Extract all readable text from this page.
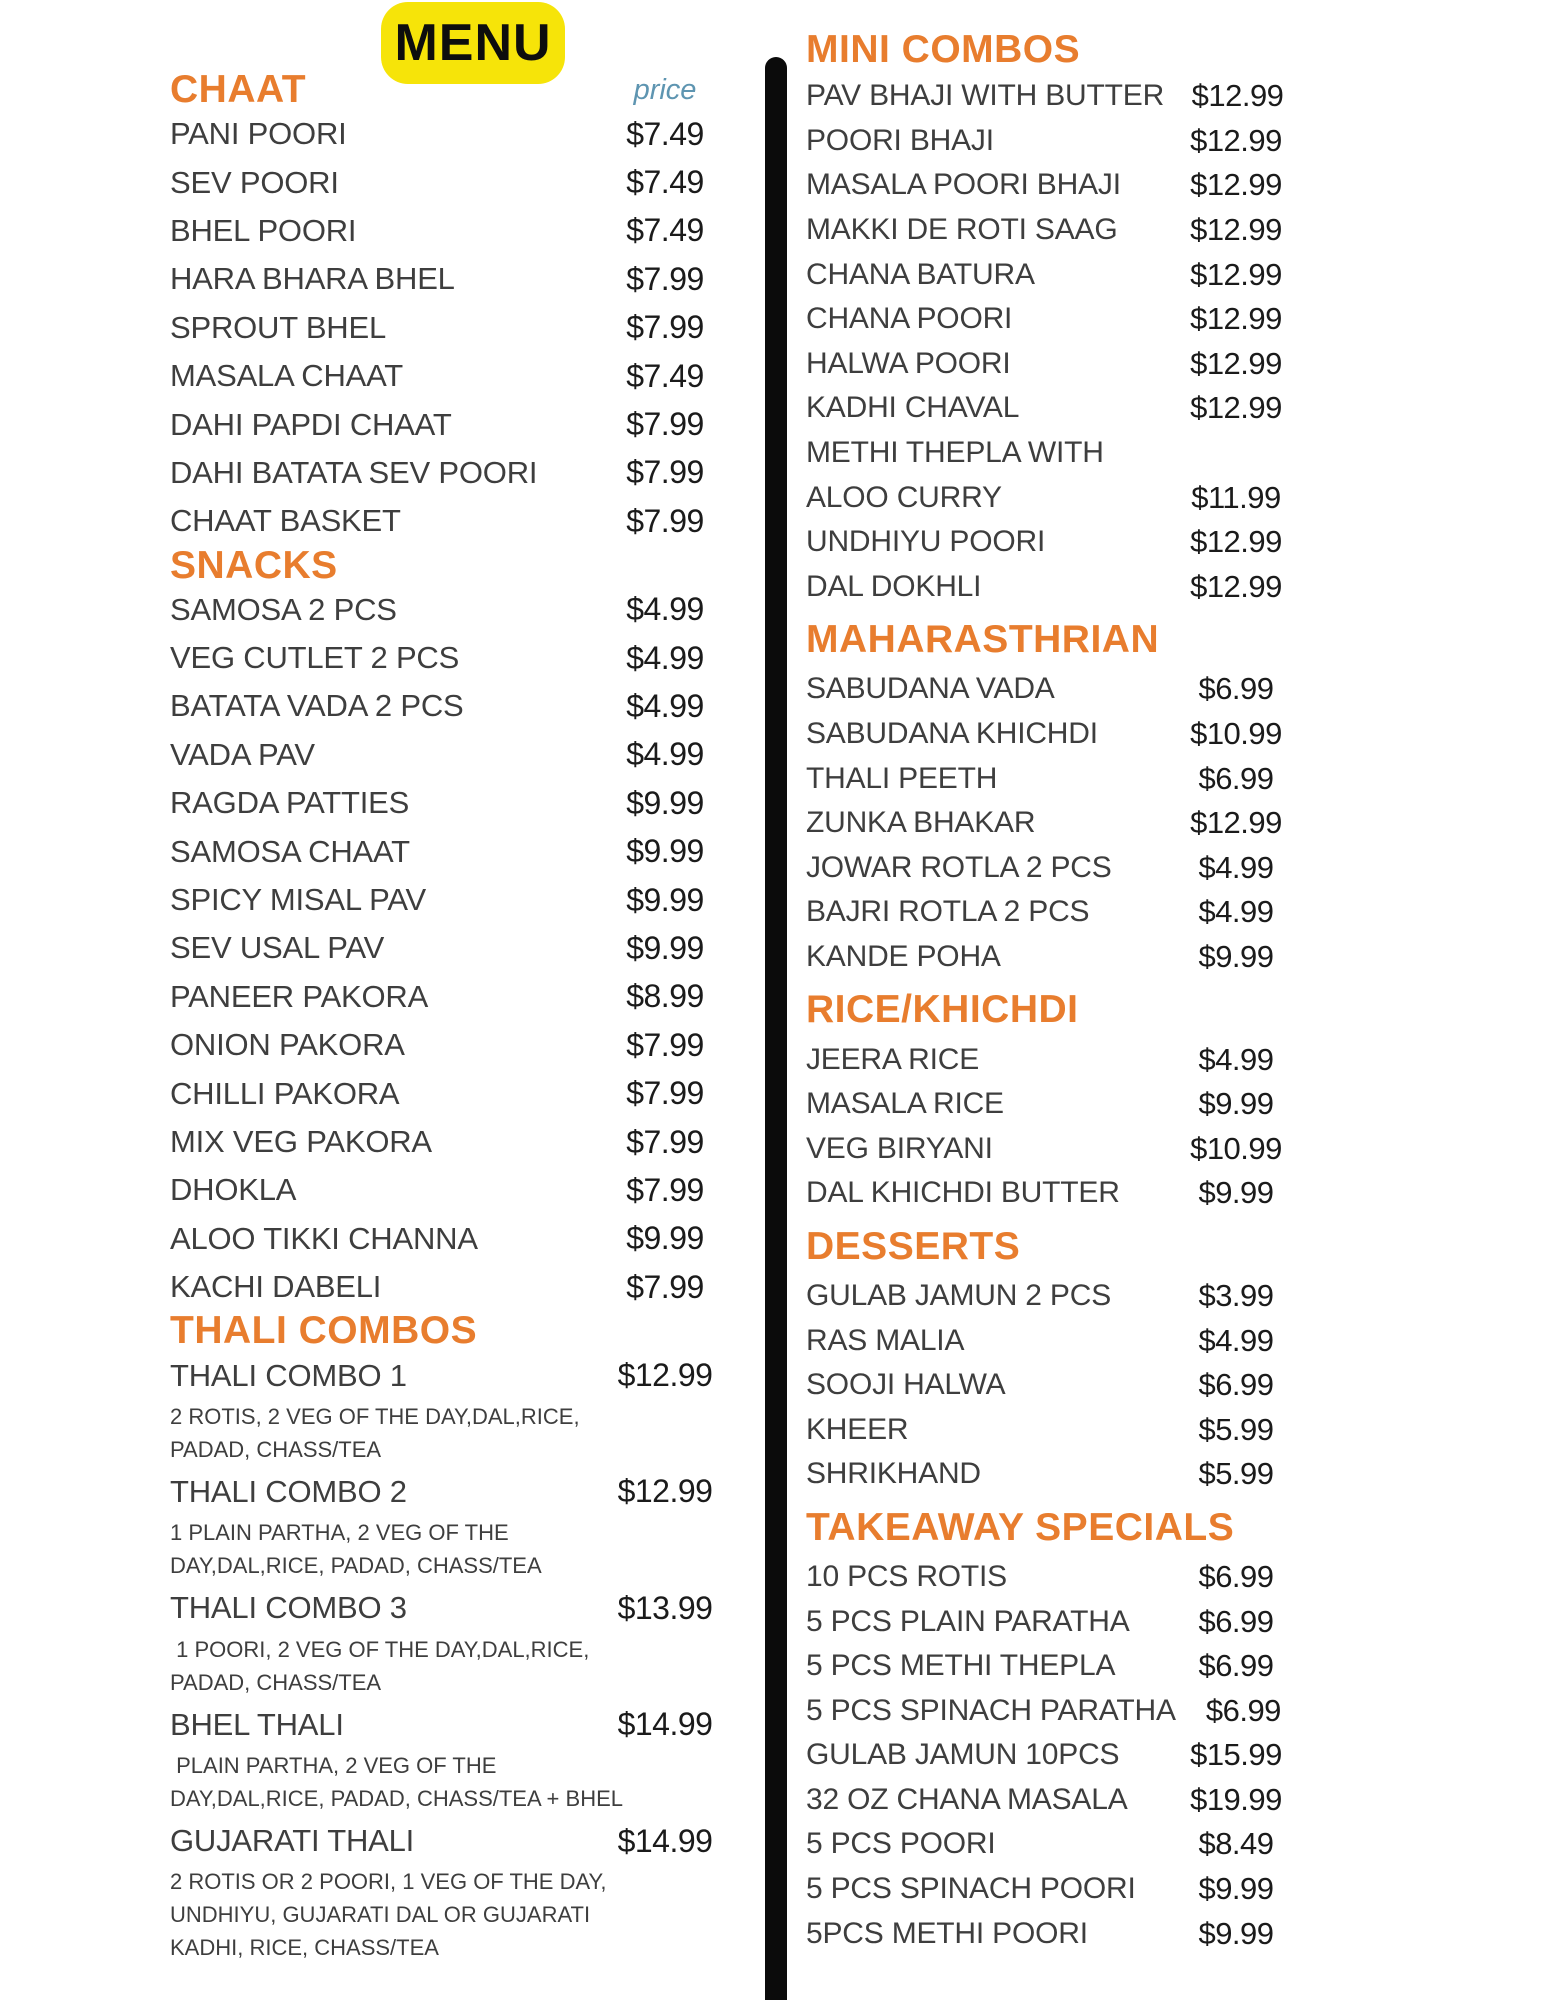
MENU
price
CHAAT
PANI POORI	$7.49
SEV POORI	$7.49
BHEL POORI	$7.49
HARA BHARA BHEL	$7.99
SPROUT BHEL	$7.99
MASALA CHAAT	$7.49
DAHI PAPDI CHAAT	$7.99
DAHI BATATA SEV POORI	$7.99
CHAAT BASKET	$7.99
SNACKS
SAMOSA 2 PCS	$4.99
VEG CUTLET 2 PCS	$4.99
BATATA VADA 2 PCS	$4.99
VADA PAV	$4.99
RAGDA PATTIES	$9.99
SAMOSA CHAAT	$9.99
SPICY MISAL PAV	$9.99
SEV USAL PAV	$9.99
PANEER PAKORA	$8.99
ONION PAKORA	$7.99
CHILLI PAKORA	$7.99
MIX VEG PAKORA	$7.99
DHOKLA	$7.99
ALOO TIKKI CHANNA	$9.99
KACHI DABELI	$7.99
THALI COMBOS
THALI COMBO 1	$12.99
2 ROTIS, 2 VEG OF THE DAY,DAL,RICE,
PADAD, CHASS/TEA
THALI COMBO 2	$12.99
1 PLAIN PARTHA, 2 VEG OF THE
DAY,DAL,RICE, PADAD, CHASS/TEA
THALI COMBO 3	$13.99
1 POORI, 2 VEG OF THE DAY,DAL,RICE,
PADAD, CHASS/TEA
BHEL THALI	$14.99
PLAIN PARTHA, 2 VEG OF THE
DAY,DAL,RICE, PADAD, CHASS/TEA + BHEL
GUJARATI THALI	$14.99
2 ROTIS OR 2 POORI, 1 VEG OF THE DAY,
UNDHIYU, GUJARATI DAL OR GUJARATI
KADHI, RICE, CHASS/TEA
MINI COMBOS
PAV BHAJI WITH BUTTER $12.99
POORI BHAJI	$12.99
MASALA POORI BHAJI	$12.99
MAKKI DE ROTI SAAG	$12.99
CHANA BATURA	$12.99
CHANA POORI	$12.99
HALWA POORI	$12.99
KADHI CHAVAL	$12.99
METHI THEPLA WITH
ALOO CURRY	$11.99
UNDHIYU POORI	$12.99
DAL DOKHLI	$12.99
MAHARASTHRIAN
SABUDANA VADA	$6.99
SABUDANA KHICHDI	$10.99
THALI PEETH	$6.99
ZUNKA BHAKAR	$12.99
JOWAR ROTLA 2 PCS	$4.99
BAJRI ROTLA 2 PCS	$4.99
KANDE POHA	$9.99
RICE/KHICHDI
JEERA RICE	$4.99
MASALA RICE	$9.99
VEG BIRYANI	$10.99
DAL KHICHDI BUTTER	$9.99
DESSERTS
GULAB JAMUN 2 PCS	$3.99
RAS MALIA	$4.99
SOOJI HALWA	$6.99
KHEER	$5.99
SHRIKHAND	$5.99
TAKEAWAY SPECIALS
10 PCS ROTIS	$6.99
5 PCS PLAIN PARATHA	$6.99
5 PCS METHI THEPLA	$6.99
5 PCS SPINACH PARATHA $6.99
GULAB JAMUN 10PCS	$15.99
32 OZ CHANA MASALA	$19.99
5 PCS POORI	$8.49
5 PCS SPINACH POORI	$9.99
5PCS METHI POORI	$9.99
